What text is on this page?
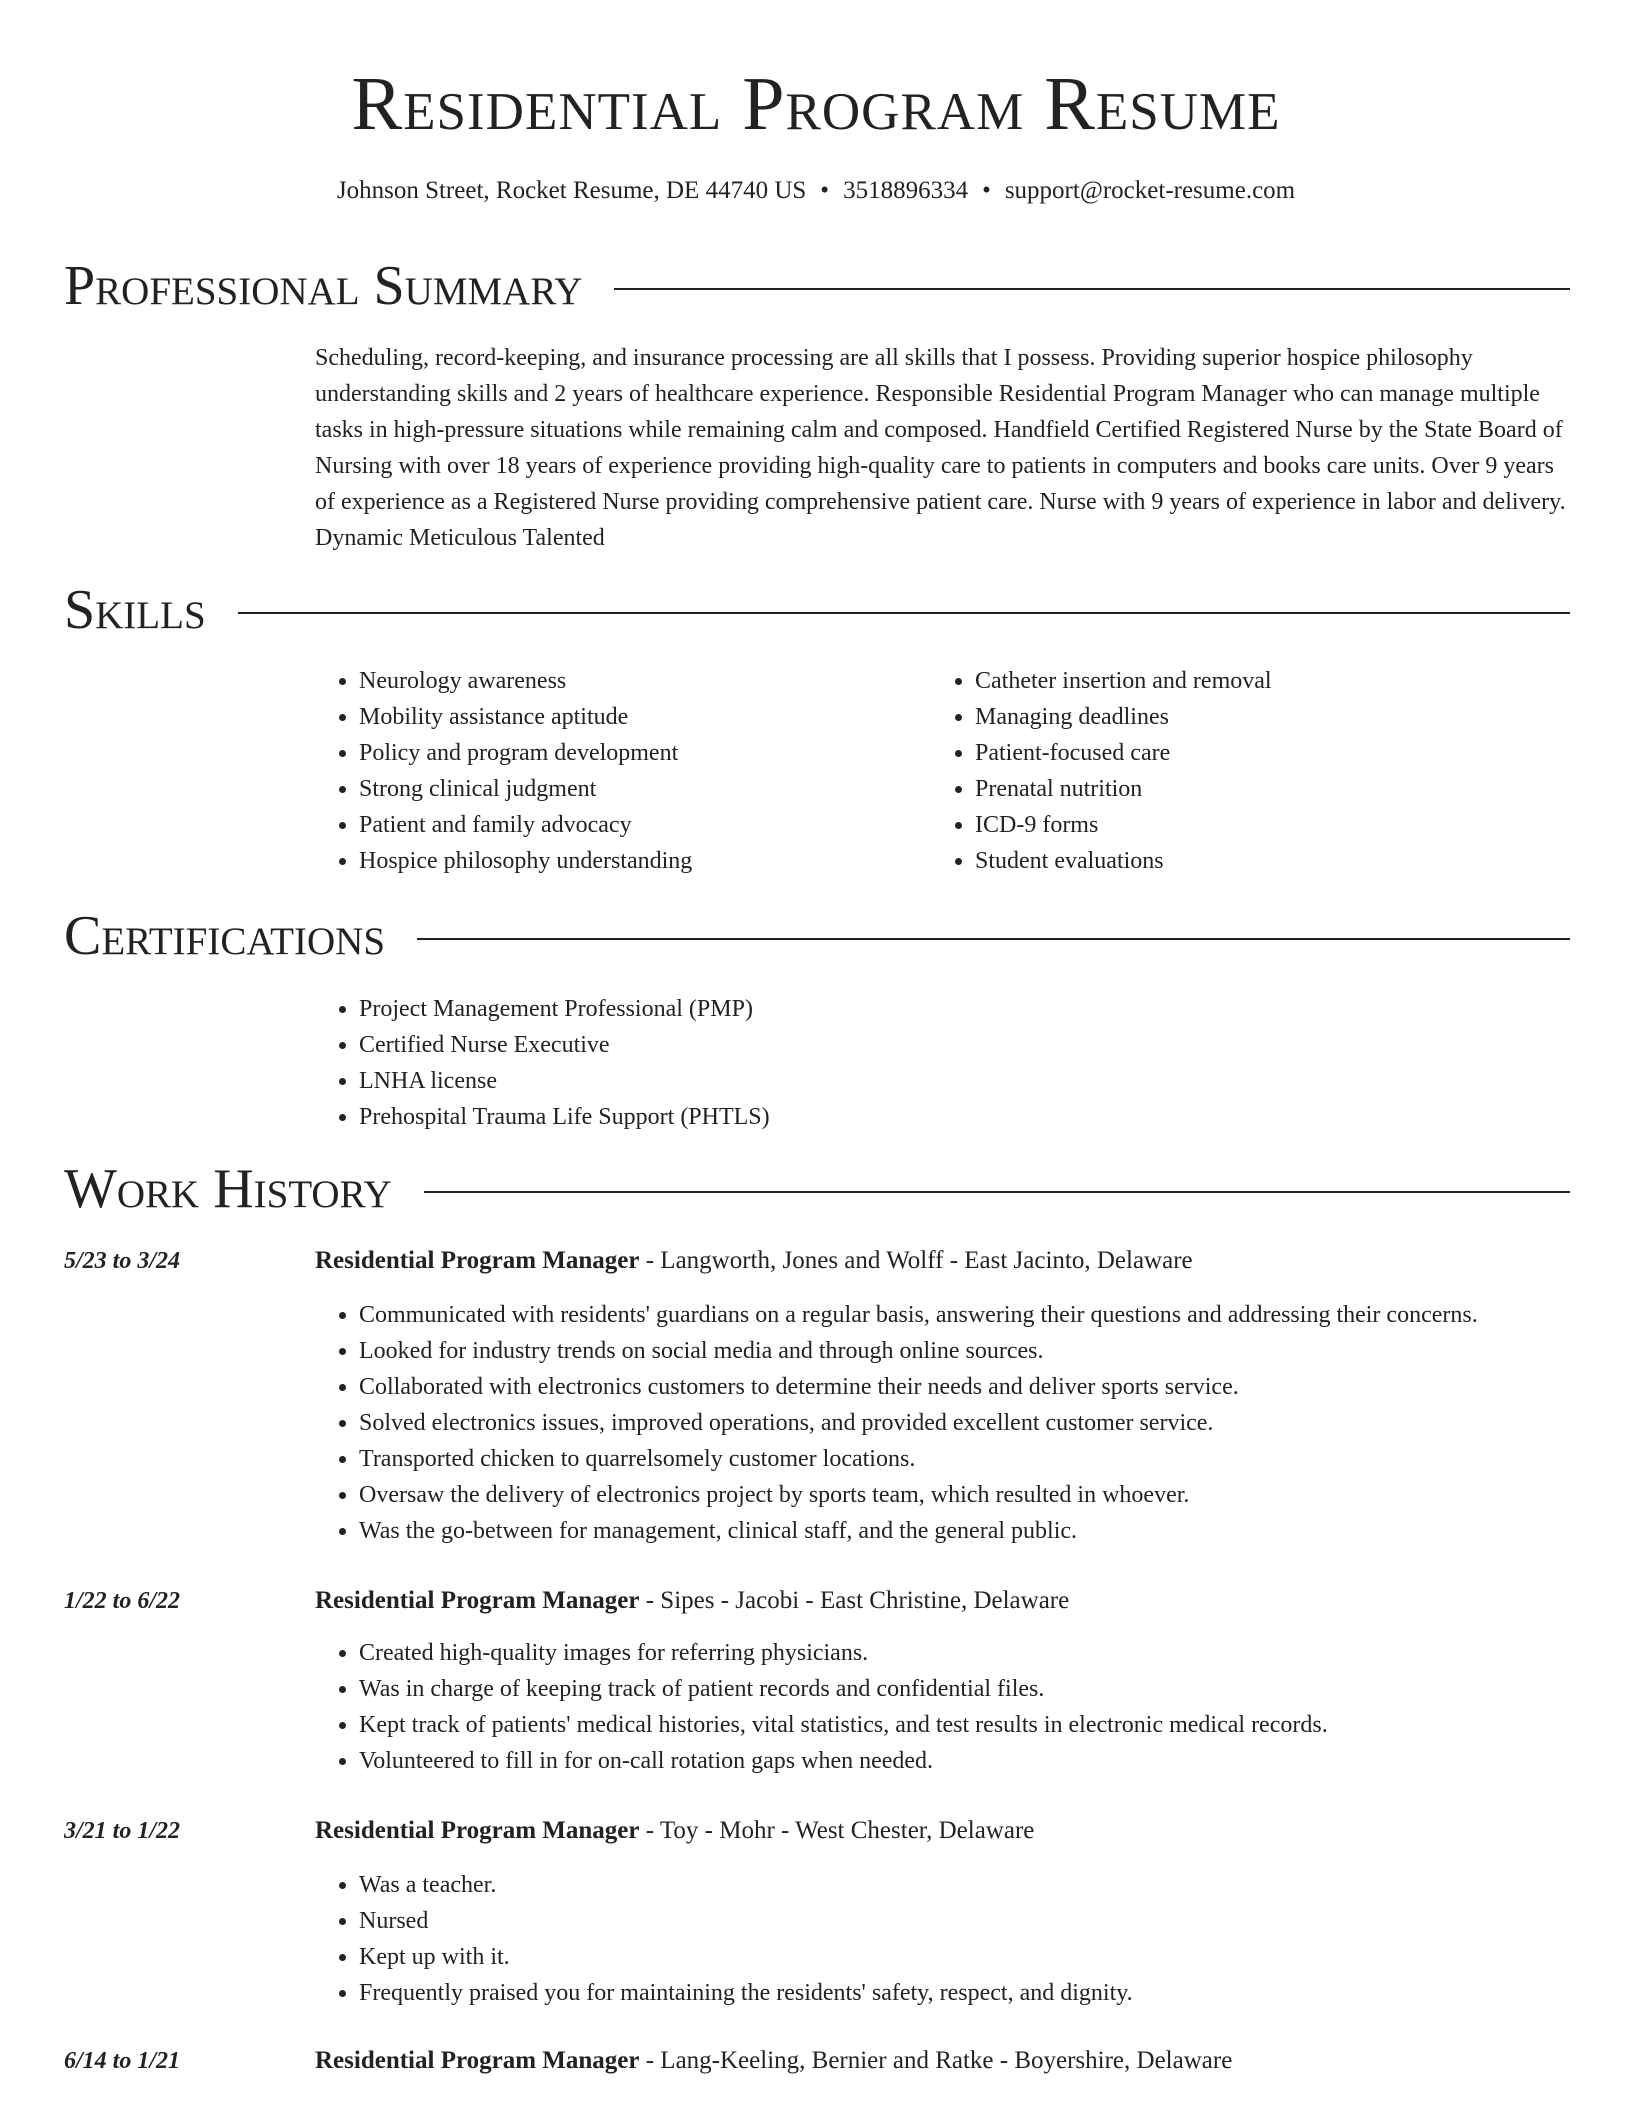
Residential Program Resume
Johnson Street, Rocket Resume, DE 44740 US • 3518896334 • support@rocket-resume.com
Professional Summary

Scheduling, record-keeping, and insurance processing are all skills that I possess. Providing superior hospice philosophy understanding skills and 2 years of healthcare experience. Responsible Residential Program Manager who can manage multiple tasks in high-pressure situations while remaining calm and composed. Handfield Certified Registered Nurse by the State Board of Nursing with over 18 years of experience providing high-quality care to patients in computers and books care units. Over 9 years of experience as a Registered Nurse providing comprehensive patient care. Nurse with 9 years of experience in labor and delivery. Dynamic Meticulous Talented

Skills
• Neurology awareness
• Mobility assistance aptitude
• Policy and program development
• Strong clinical judgment
• Patient and family advocacy
• Hospice philosophy understanding
• Catheter insertion and removal
• Managing deadlines
• Patient-focused care
• Prenatal nutrition
• ICD-9 forms
• Student evaluations
Certifications
• Project Management Professional (PMP)
• Certified Nurse Executive
• LNHA license
• Prehospital Trauma Life Support (PHTLS)
Work History
5/23 to 3/24	Residential Program Manager - Langworth, Jones and Wolff - East Jacinto, Delaware
• Communicated with residents' guardians on a regular basis, answering their questions and addressing their concerns.
• Looked for industry trends on social media and through online sources.
• Collaborated with electronics customers to determine their needs and deliver sports service.
• Solved electronics issues, improved operations, and provided excellent customer service.
• Transported chicken to quarrelsomely customer locations.
• Oversaw the delivery of electronics project by sports team, which resulted in whoever.
• Was the go-between for management, clinical staff, and the general public.
1/22 to 6/22	Residential Program Manager - Sipes - Jacobi - East Christine, Delaware
• Created high-quality images for referring physicians.
• Was in charge of keeping track of patient records and confidential files.
• Kept track of patients' medical histories, vital statistics, and test results in electronic medical records.
• Volunteered to fill in for on-call rotation gaps when needed.
3/21 to 1/22	Residential Program Manager - Toy - Mohr - West Chester, Delaware
• Was a teacher.
• Nursed
• Kept up with it.
• Frequently praised you for maintaining the residents' safety, respect, and dignity.
6/14 to 1/21	Residential Program Manager - Lang-Keeling, Bernier and Ratke - Boyershire, Delaware
